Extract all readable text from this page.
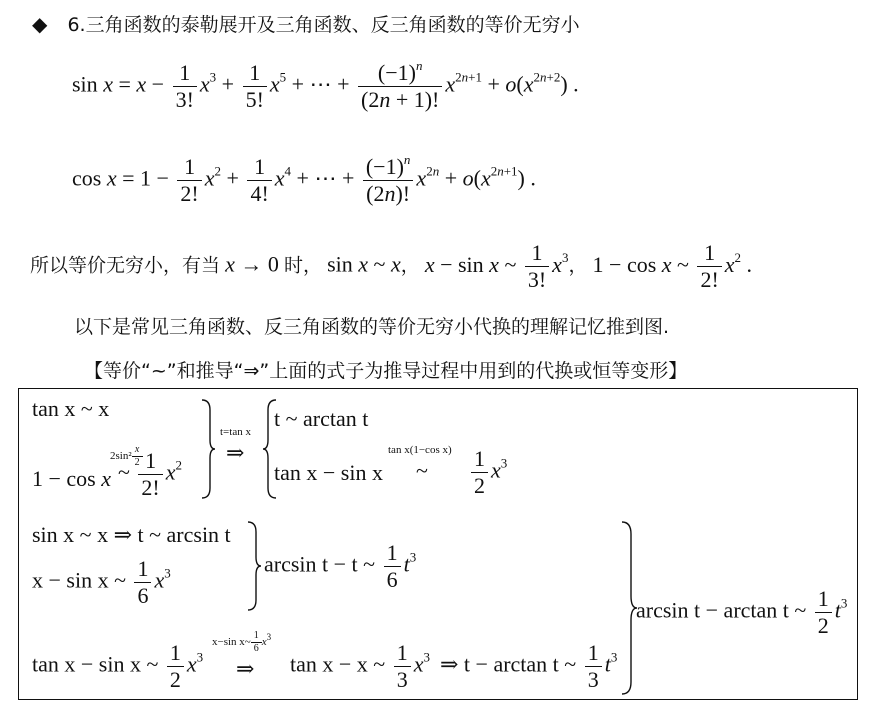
◆ 6.三角函数的泰勒展开及三角函数、反三角函数的等价无穷小
$\sin x = x - \frac{1}{3!} x^3 + \frac{1}{5!} x^5$ + ⋯ + $\frac{(-1)^n}{(2n + 1)!} x^{2n+1} + o(x^{2n+2})$ .
$\cos x = 1 - \frac{1}{2!} x^2 + \frac{1}{4!} x^4$ + ⋯ + $\frac{(-1)^n}{(2n)!} x^{2n} + o(x^{2n+1})$ .
所以等价无穷小，有当 x → 0 时， sin x ~ x， x − sin x ~ $\frac{1}{3!} x^3$， 1 − cos x ~ $\frac{1}{2!} x^2$ .
以下是常见三角函数、反三角函数的等价无穷小代换的理解记忆推到图.
【等价“~”和推导“⇒”上面的式子为推导过程中用到的代换或恒等变形】
tan x ~ x
1 − cos x
$2\sin^2 \frac{x}{2}$
~ $\frac{1}{2!} x^2$
t=tan x
⇒
t ~ arctan t
tan x − sin x
tan x(1−cos x)
~ $\frac{1}{2} x^3$
sin x ~ x ⇒ t ~ arcsin t
x − sin x ~ $\frac{1}{6} x^3$	arcsin t − t ~ $\frac{1}{6} t^3$
x−sin x~ $\frac{1}{6} x^3$
tan x − sin x ~ $\frac{1}{2} x^3$ ⇒ tan x − x ~ $\frac{1}{3} x^3$ ⇒ t − arctan t ~ $\frac{1}{3} t^3$
arcsin t − arctan t ~ $\frac{1}{2} t^3$
